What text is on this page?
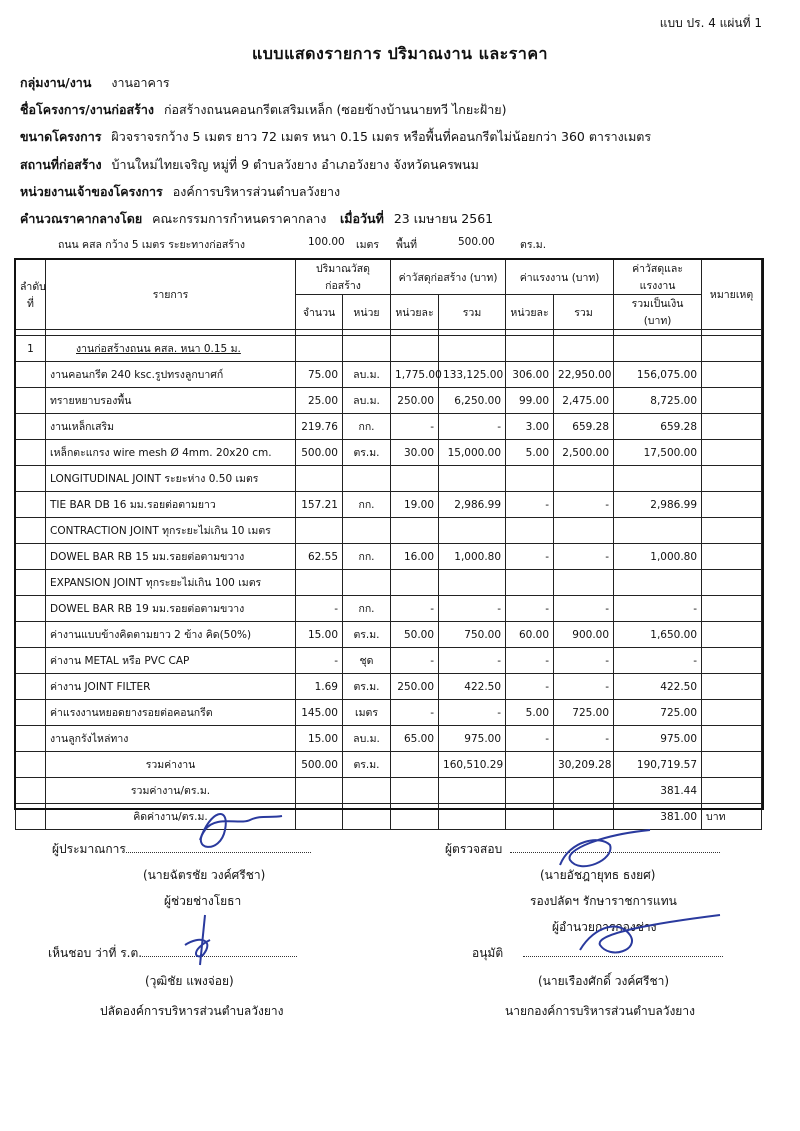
แบบ ปร. 4 แผ่นที่ 1
แบบแสดงรายการ ปริมาณงาน และราคา
กลุ่มงาน/งาน งานอาคาร
ชื่อโครงการ/งานก่อสร้าง ก่อสร้างถนนคอนกรีตเสริมเหล็ก (ซอยข้างบ้านนายทวี ไกยะฝ้าย)
ขนาดโครงการ ผิวจราจรกว้าง 5 เมตร ยาว 72 เมตร หนา 0.15 เมตร หรือพื้นที่คอนกรีตไม่น้อยกว่า 360 ตารางเมตร
สถานที่ก่อสร้าง บ้านใหม่ไทยเจริญ หมู่ที่ 9 ตำบลวังยาง อำเภอวังยาง จังหวัดนครพนม
หน่วยงานเจ้าของโครงการ องค์การบริหารส่วนตำบลวังยาง
คำนวณราคากลางโดย คณะกรรมการกำหนดราคากลาง เมื่อวันที่ 23 เมษายน 2561
ถนน คสล กว้าง 5 เมตร ระยะทางก่อสร้าง	100.00 เมตร พื้นที่	500.00 ตร.ม.
ลำดับที่	รายการ	ปริมาณวัสดุก่อสร้าง		ค่าวัสดุก่อสร้าง (บาท)		ค่าแรงงาน (บาท)		ค่าวัสดุและแรงงาน	หมายเหตุ
		จำนวน	หน่วย	หน่วยละ	รวม	หน่วยละ	รวม	รวมเป็นเงิน (บาท)	

1	งานก่อสร้างถนน คสล. หนา 0.15 ม.								
	งานคอนกรีต 240 ksc.รูปทรงลูกบาศก์	75.00	ลบ.ม.	1,775.00	133,125.00	306.00	22,950.00	156,075.00	
	ทรายหยาบรองพื้น	25.00	ลบ.ม.	250.00	6,250.00	99.00	2,475.00	8,725.00	
	งานเหล็กเสริม	219.76	กก.	-	-	3.00	659.28	659.28	
	เหล็กตะแกรง wire mesh Ø 4mm. 20x20 cm.	500.00	ตร.ม.	30.00	15,000.00	5.00	2,500.00	17,500.00	
	LONGITUDINAL JOINT ระยะห่าง 0.50 เมตร								
	TIE BAR DB 16 มม.รอยต่อตามยาว	157.21	กก.	19.00	2,986.99	-	-	2,986.99	
	CONTRACTION JOINT ทุกระยะไม่เกิน 10 เมตร								
	DOWEL BAR RB 15 มม.รอยต่อตามขวาง	62.55	กก.	16.00	1,000.80	-	-	1,000.80	
	EXPANSION JOINT ทุกระยะไม่เกิน 100 เมตร								
	DOWEL BAR RB 19 มม.รอยต่อตามขวาง	-	กก.	-	-	-	-	-	
	ค่างานแบบข้างคิดตามยาว 2 ข้าง คิด(50%)	15.00	ตร.ม.	50.00	750.00	60.00	900.00	1,650.00	
	ค่างาน METAL หรือ PVC CAP	-	ชุด	-	-	-	-	-	
	ค่างาน JOINT FILTER	1.69	ตร.ม.	250.00	422.50	-	-	422.50	
	ค่าแรงงานหยอดยางรอยต่อคอนกรีต	145.00	เมตร	-	-	5.00	725.00	725.00	
	งานลูกรังไหล่ทาง	15.00	ลบ.ม.	65.00	975.00	-	-	975.00	
	รวมค่างาน	500.00	ตร.ม.		160,510.29		30,209.28	190,719.57	
	รวมค่างาน/ตร.ม.							381.44	
	คิดค่างาน/ตร.ม.							381.00	บาท
ผู้ประมาณการ
(นายฉัตรชัย วงค์ศรีชา)
ผู้ช่วยช่างโยธา
ผู้ตรวจสอบ
(นายอัชฎายุทธ ธงยศ)
รองปลัดฯ รักษาราชการแทน
ผู้อำนวยการกองช่าง
เห็นชอบ ว่าที่ ร.ต.
(วุฒิชัย แพงจ่อย)
ปลัดองค์การบริหารส่วนตำบลวังยาง
อนุมัติ
(นายเรืองศักดิ์ วงค์ศรีชา)
นายกองค์การบริหารส่วนตำบลวังยาง
